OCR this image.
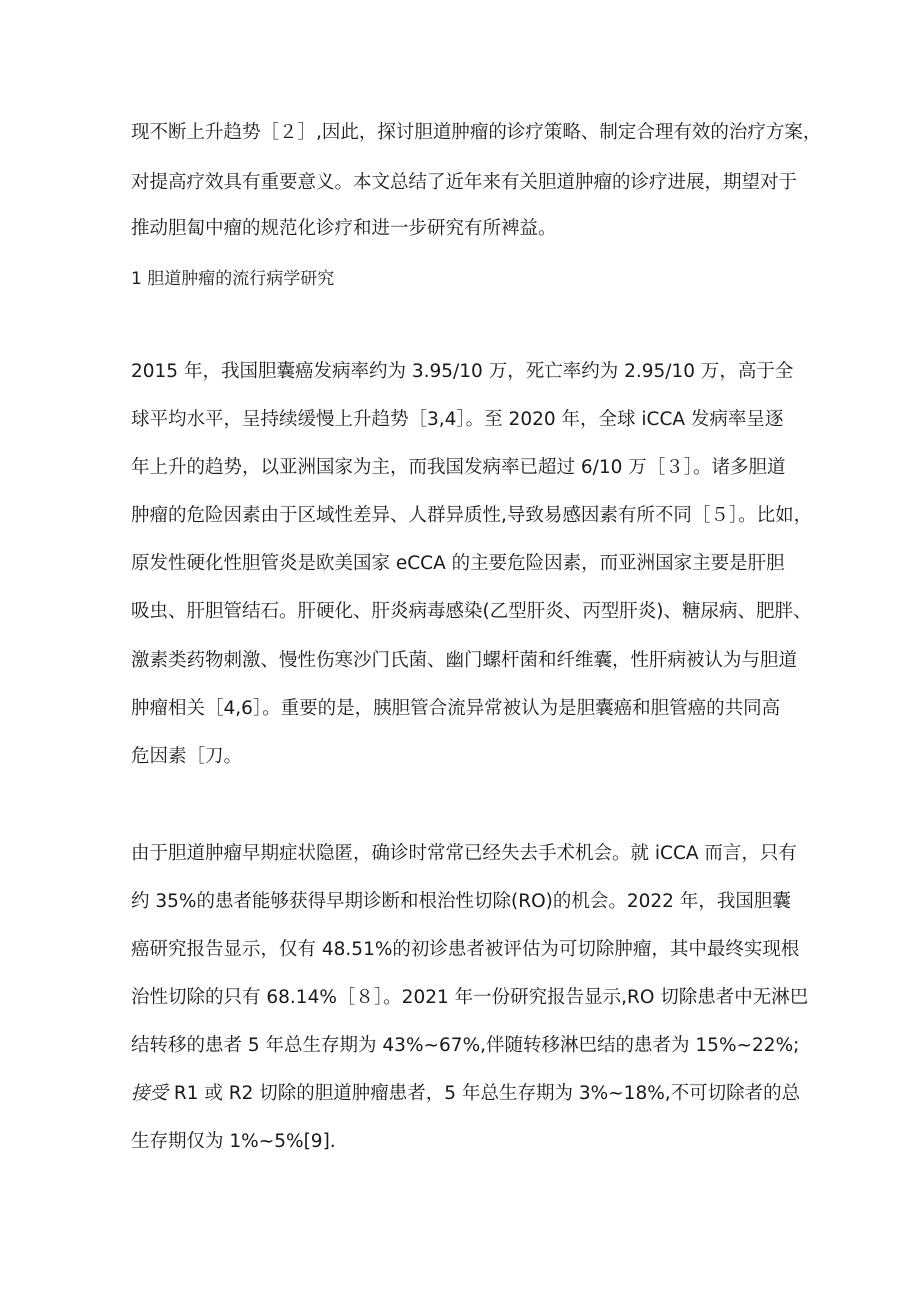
现不断上升趋势［２］,因此，探讨胆道肿瘤的诊疗策略、制定合理有效的治疗方案，
对提高疗效具有重要意义。本文总结了近年来有关胆道肿瘤的诊疗进展，期望对于
推动胆匐中瘤的规范化诊疗和进一步研究有所裨益。
1 胆道肿瘤的流行病学研究
2015 年，我国胆囊癌发病率约为 3.95/10 万，死亡率约为 2.95/10 万，高于全
球平均水平，呈持续缓慢上升趋势［3,4］。至 2020 年，全球 iCCA 发病率呈逐
年上升的趋势，以亚洲国家为主，而我国发病率已超过 6/10 万［３］。诸多胆道
肿瘤的危险因素由于区域性差异、人群异质性,导致易感因素有所不同［５］。比如，
原发性硬化性胆管炎是欧美国家 eCCA 的主要危险因素，而亚洲国家主要是肝胆
吸虫、肝胆管结石。肝硬化、肝炎病毒感染(乙型肝炎、丙型肝炎)、糖尿病、肥胖、
激素类药物刺激、慢性伤寒沙门氏菌、幽门螺杆菌和纤维囊，性肝病被认为与胆道
肿瘤相关［4,6］。重要的是，胰胆管合流异常被认为是胆囊癌和胆管癌的共同高
危因素［刀。
由于胆道肿瘤早期症状隐匿，确诊时常常已经失去手术机会。就 iCCA 而言，只有
约 35%的患者能够获得早期诊断和根治性切除(RO)的机会。2022 年，我国胆囊
癌研究报告显示，仅有 48.51%的初诊患者被评估为可切除肿瘤，其中最终实现根
治性切除的只有 68.14%［８］。2021 年一份研究报告显示,RO 切除患者中无淋巴
结转移的患者 5 年总生存期为 43%~67%,伴随转移淋巴结的患者为 15%~22%;
接受 R1 或 R2 切除的胆道肿瘤患者，5 年总生存期为 3%~18%,不可切除者的总
生存期仅为 1%~5%[9].
